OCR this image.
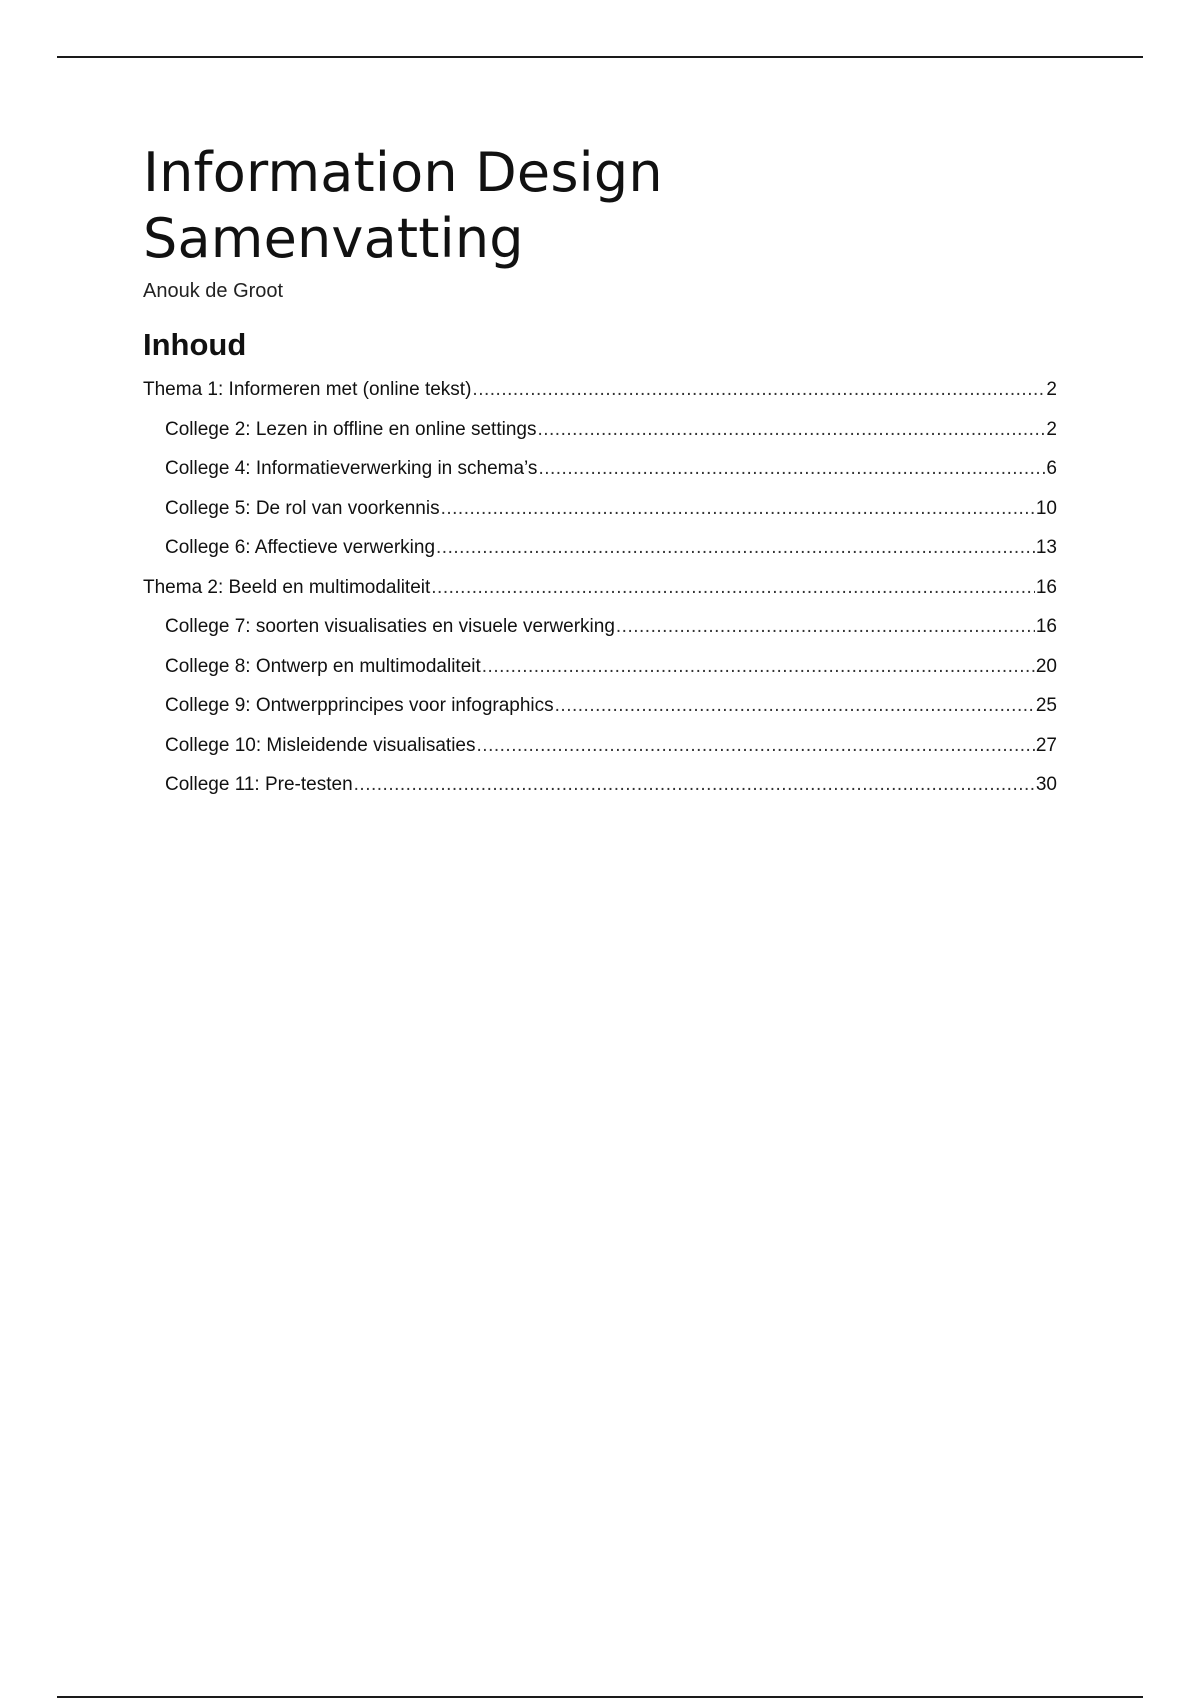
Information Design
Samenvatting

Anouk de Groot

Inhoud
Thema 1: Informeren met (online tekst) .....	2
College 2: Lezen in offline en online settings .....	2
College 4: Informatieverwerking in schema’s .....	6
College 5: De rol van voorkennis .....	10
College 6: Affectieve verwerking .....	13
Thema 2: Beeld en multimodaliteit .....	16
College 7: soorten visualisaties en visuele verwerking .....	16
College 8: Ontwerp en multimodaliteit .....	20
College 9: Ontwerpprincipes voor infographics .....	25
College 10: Misleidende visualisaties .....	27
College 11: Pre-testen .....	30
